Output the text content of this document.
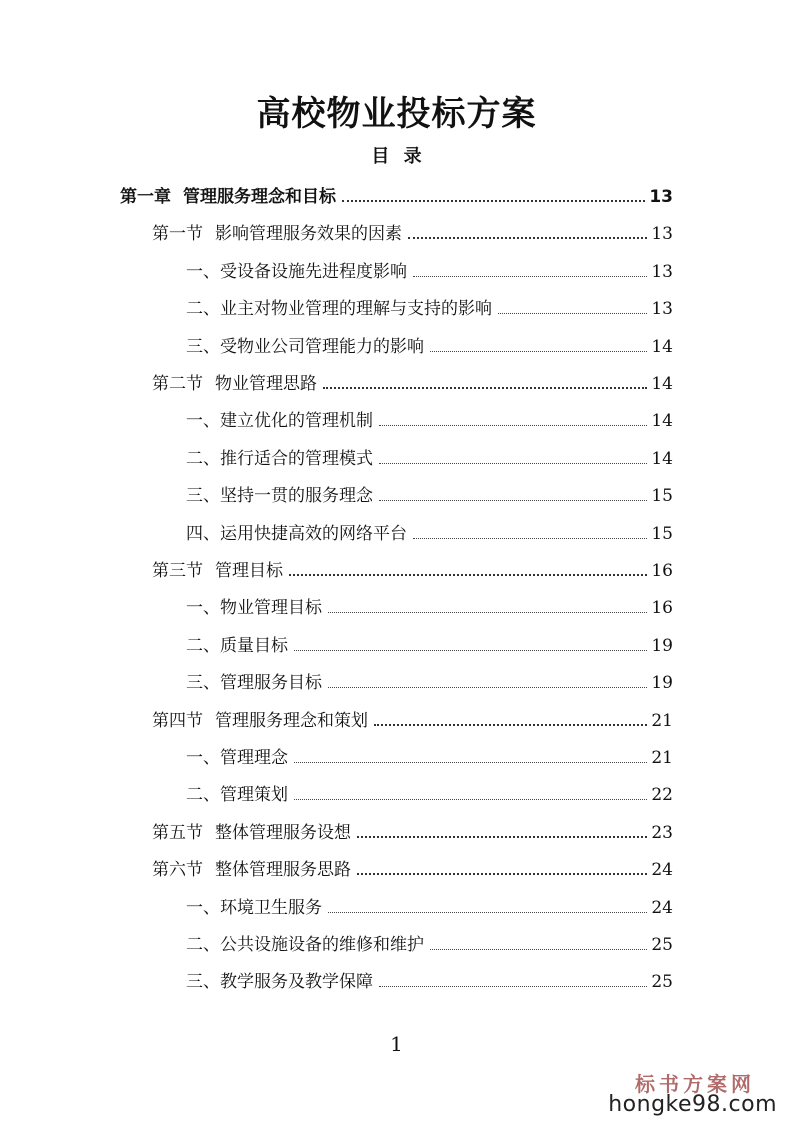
高校物业投标方案
目 录
第一章 管理服务理念和目标	13
第一节 影响管理服务效果的因素	13
一、受设备设施先进程度影响	13
二、业主对物业管理的理解与支持的影响	13
三、受物业公司管理能力的影响	14
第二节 物业管理思路	14
一、建立优化的管理机制	14
二、推行适合的管理模式	14
三、坚持一贯的服务理念	15
四、运用快捷高效的网络平台	15
第三节 管理目标	16
一、物业管理目标	16
二、质量目标	19
三、管理服务目标	19
第四节 管理服务理念和策划	21
一、管理理念	21
二、管理策划	22
第五节 整体管理服务设想	23
第六节 整体管理服务思路	24
一、环境卫生服务	24
二、公共设施设备的维修和维护	25
三、教学服务及教学保障	25
1
标书方案网
hongke98.com
